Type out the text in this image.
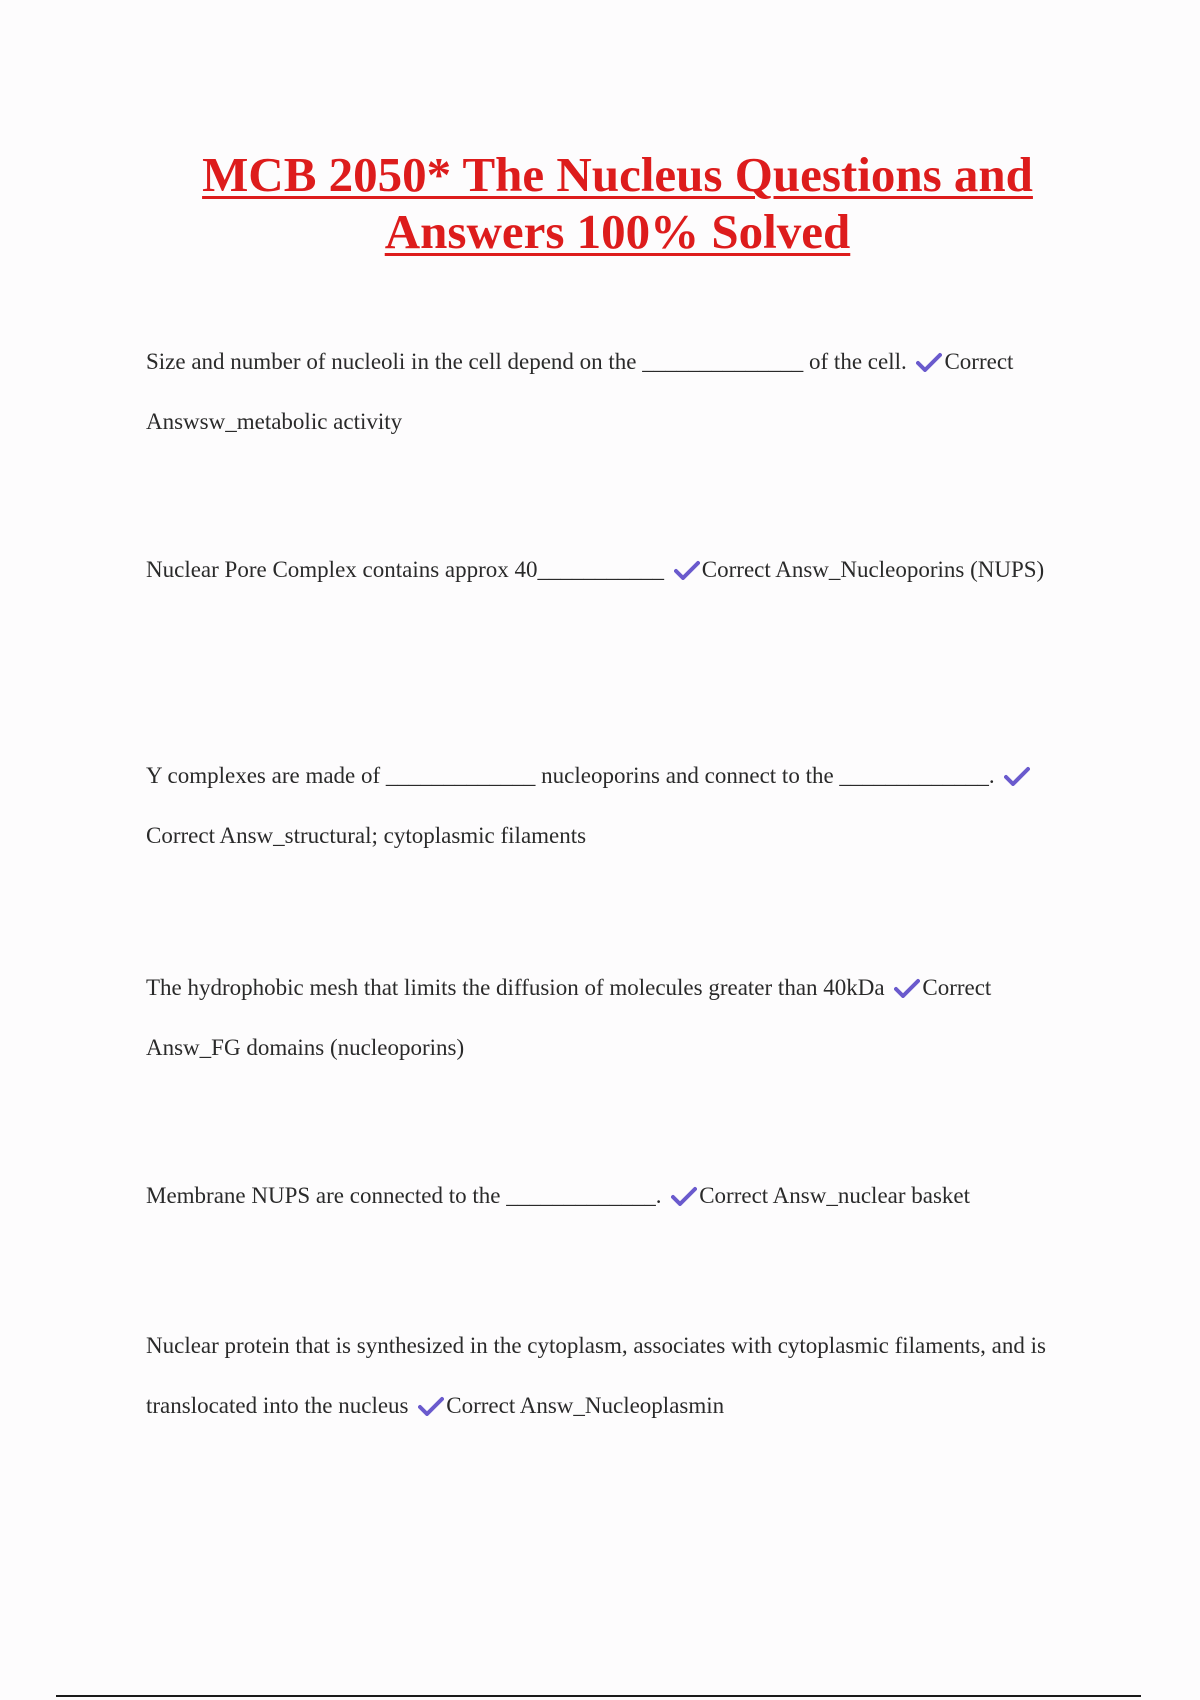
MCB 2050* The Nucleus Questions and
Answers 100% Solved

Size and number of nucleoli in the cell depend on the ______________ of the cell. Correct Answsw_metabolic activity

Nuclear Pore Complex contains approx 40___________ Correct Answ_Nucleoporins (NUPS)

Y complexes are made of _____________ nucleoporins and connect to the _____________.
Correct Answ_structural; cytoplasmic filaments

The hydrophobic mesh that limits the diffusion of molecules greater than 40kDa Correct Answ_FG domains (nucleoporins)

Membrane NUPS are connected to the _____________. Correct Answ_nuclear basket

Nuclear protein that is synthesized in the cytoplasm, associates with cytoplasmic filaments, and is translocated into the nucleus Correct Answ_Nucleoplasmin
